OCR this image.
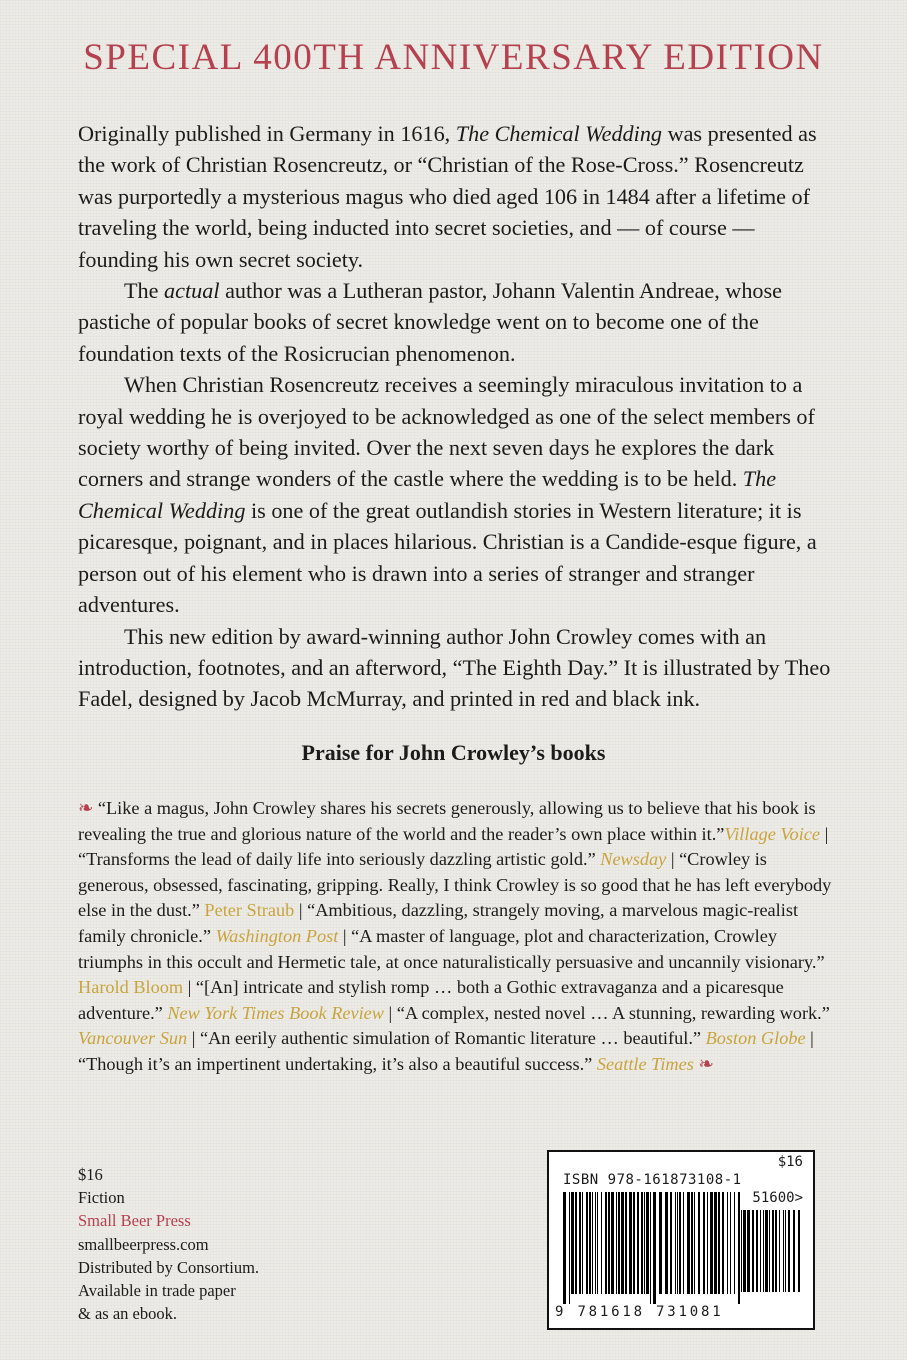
SPECIAL 400TH ANNIVERSARY EDITION

Originally published in Germany in 1616, The Chemical Wedding was presented as the work of Christian Rosencreutz, or “Christian of the Rose-Cross.” Rosencreutz was purportedly a mysterious magus who died aged 106 in 1484 after a lifetime of traveling the world, being inducted into secret societies, and — of course — founding his own secret society.

The actual author was a Lutheran pastor, Johann Valentin Andreae, whose pastiche of popular books of secret knowledge went on to become one of the foundation texts of the Rosicrucian phenomenon.

When Christian Rosencreutz receives a seemingly miraculous invitation to a royal wedding he is overjoyed to be acknowledged as one of the select members of society worthy of being invited. Over the next seven days he explores the dark corners and strange wonders of the castle where the wedding is to be held. The Chemical Wedding is one of the great outlandish stories in Western literature; it is picaresque, poignant, and in places hilarious. Christian is a Candide-esque figure, a person out of his element who is drawn into a series of stranger and stranger adventures.

This new edition by award-winning author John Crowley comes with an introduction, footnotes, and an afterword, “The Eighth Day.” It is illustrated by Theo Fadel, designed by Jacob McMurray, and printed in red and black ink.

Praise for John Crowley’s books
❧ “Like a magus, John Crowley shares his secrets generously, allowing us to believe that his book is revealing the true and glorious nature of the world and the reader’s own place within it.”Village Voice | “Transforms the lead of daily life into seriously dazzling artistic gold.” Newsday | “Crowley is generous, obsessed, fascinating, gripping. Really, I think Crowley is so good that he has left everybody else in the dust.” Peter Straub | “Ambitious, dazzling, strangely moving, a marvelous magic-realist family chronicle.” Washington Post | “A master of language, plot and characterization, Crowley triumphs in this occult and Hermetic tale, at once naturalistically persuasive and uncannily visionary.” Harold Bloom | “[An] intricate and stylish romp … both a Gothic extravaganza and a picaresque adventure.” New York Times Book Review | “A complex, nested novel … A stunning, rewarding work.” Vancouver Sun | “An eerily authentic simulation of Romantic literature … beautiful.” Boston Globe | “Though it’s an impertinent undertaking, it’s also a beautiful success.” Seattle Times ❧
$16
Fiction
Small Beer Press
smallbeerpress.com
Distributed by Consortium.
Available in trade paper
& as an ebook.
$16
ISBN 978-161873108-1
51600>
9 781618 731081
